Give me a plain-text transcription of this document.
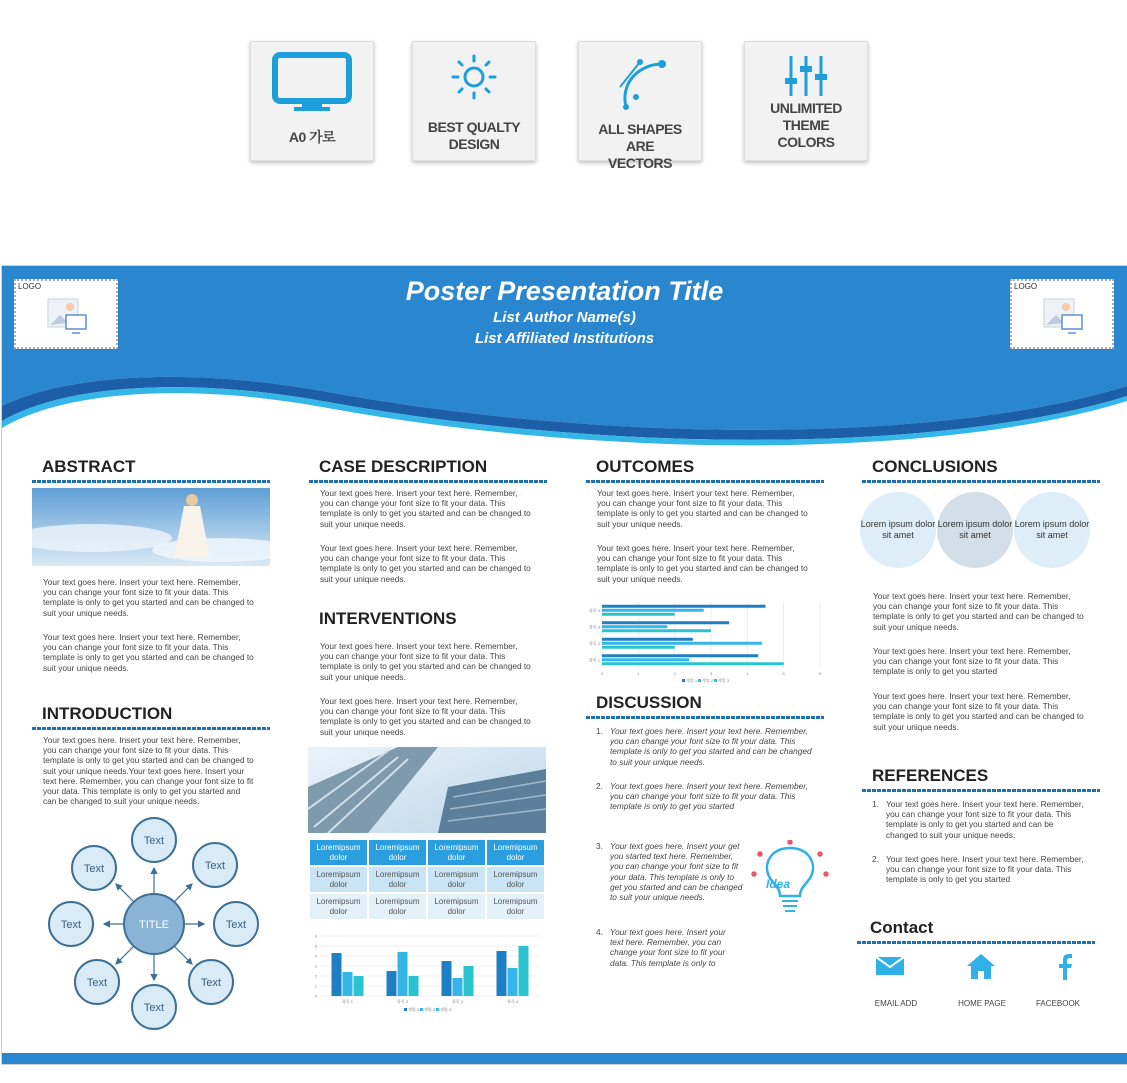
A0 가로
BEST QUALTY DESIGN
ALL SHAPES ARE VECTORS
UNLIMITED THEME COLORS
Poster Presentation Title
List Author Name(s)
List Affiliated Institutions
LOGO	LOGO
ABSTRACT
Your text goes here. Insert your text here. Remember, you can change your font size to fit your data. This template is only to get you started and can be changed to suit your unique needs.
Your text goes here. Insert your text here. Remember, you can change your font size to fit your data. This template is only to get you started and can be changed to suit your unique needs.
INTRODUCTION
Your text goes here. Insert your text here. Remember, you can change your font size to fit your data. This template is only to get you started and can be changed to suit your unique needs.Your text goes here. Insert your text here. Remember, you can change your font size to fit your data. This template is only to get you started and can be changed to suit your unique needs.
TITLE
Text
Text
Text
Text
Text
Text
Text
Text
CASE DESCRIPTION
Your text goes here. Insert your text here. Remember, you can change your font size to fit your data. This template is only to get you started and can be changed to suit your unique needs.
Your text goes here. Insert your text here. Remember, you can change your font size to fit your data. This template is only to get you started and can be changed to suit your unique needs.
INTERVENTIONS
Your text goes here. Insert your text here. Remember, you can change your font size to fit your data. This template is only to get you started and can be changed to suit your unique needs.
Your text goes here. Insert your text here. Remember, you can change your font size to fit your data. This template is only to get you started and can be changed to suit your unique needs.
Loremipsum dolor	Loremipsum dolor	Loremipsum dolor	Loremipsum dolor
Loremipsum dolor	Loremipsum dolor	Loremipsum dolor	Loremipsum dolor
Loremipsum dolor	Loremipsum dolor	Loremipsum dolor	Loremipsum dolor
0
1
2
3
4
5
6
항목 1	항목 2	항목 3	항목 4
계열 1 계열 2 계열 3
OUTCOMES
Your text goes here. Insert your text here. Remember, you can change your font size to fit your data. This template is only to get you started and can be changed to suit your unique needs.
Your text goes here. Insert your text here. Remember, you can change your font size to fit your data. This template is only to get you started and can be changed to suit your unique needs.
0	1	2	3	4	5	6
항목 1
항목 2
항목 3
항목 4
계열 1 계열 2 계열 3
DISCUSSION
1. Your text goes here. Insert your text here. Remember, you can change your font size to fit your data. This template is only to get you started and can be changed to suit your unique needs.
2. Your text goes here. Insert your text here. Remember, you can change your font size to fit your data. This template is only to get you started
3. Your text goes here. Insert your get you started text here. Remember, you can change your font size to fit your data. This template is only to get you started and can be changed to suit your unique needs.
4. Your text goes here. Insert your text here. Remember, you can change your font size to fit your data. This template is only to
Idea
CONCLUSIONS
Lorem ipsum dolor sit amet
Lorem ipsum dolor sit amet
Lorem ipsum dolor sit amet
Your text goes here. Insert your text here. Remember, you can change your font size to fit your data. This template is only to get you started and can be changed to suit your unique needs.
Your text goes here. Insert your text here. Remember, you can change your font size to fit your data. This template is only to get you started
Your text goes here. Insert your text here. Remember, you can change your font size to fit your data. This template is only to get you started and can be changed to suit your unique needs.
REFERENCES
1. Your text goes here. Insert your text here. Remember, you can change your font size to fit your data. This template is only to get you started and can be changed to suit your unique needs.
2. Your text goes here. Insert your text here. Remember, you can change your font size to fit your data. This template is only to get you started
Contact
EMAIL ADD	HOME PAGE	FACEBOOK
